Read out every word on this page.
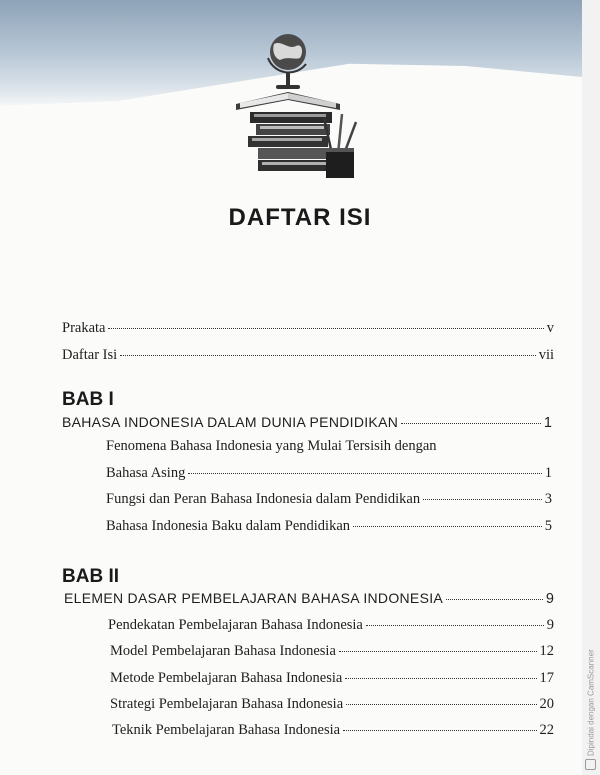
DAFTAR ISI
Prakata	v
Daftar Isi	vii
BAB I
BAHASA INDONESIA DALAM DUNIA PENDIDIKAN	1
Fenomena Bahasa Indonesia yang Mulai Tersisih dengan
Bahasa Asing	1
Fungsi dan Peran Bahasa Indonesia dalam Pendidikan	3
Bahasa Indonesia Baku dalam Pendidikan	5
BAB II
ELEMEN DASAR PEMBELAJARAN BAHASA INDONESIA	9
Pendekatan Pembelajaran Bahasa Indonesia	9
Model Pembelajaran Bahasa Indonesia	12
Metode Pembelajaran Bahasa Indonesia	17
Strategi Pembelajaran Bahasa Indonesia	20
Teknik Pembelajaran Bahasa Indonesia	22	Dipindai dengan CamScanner
